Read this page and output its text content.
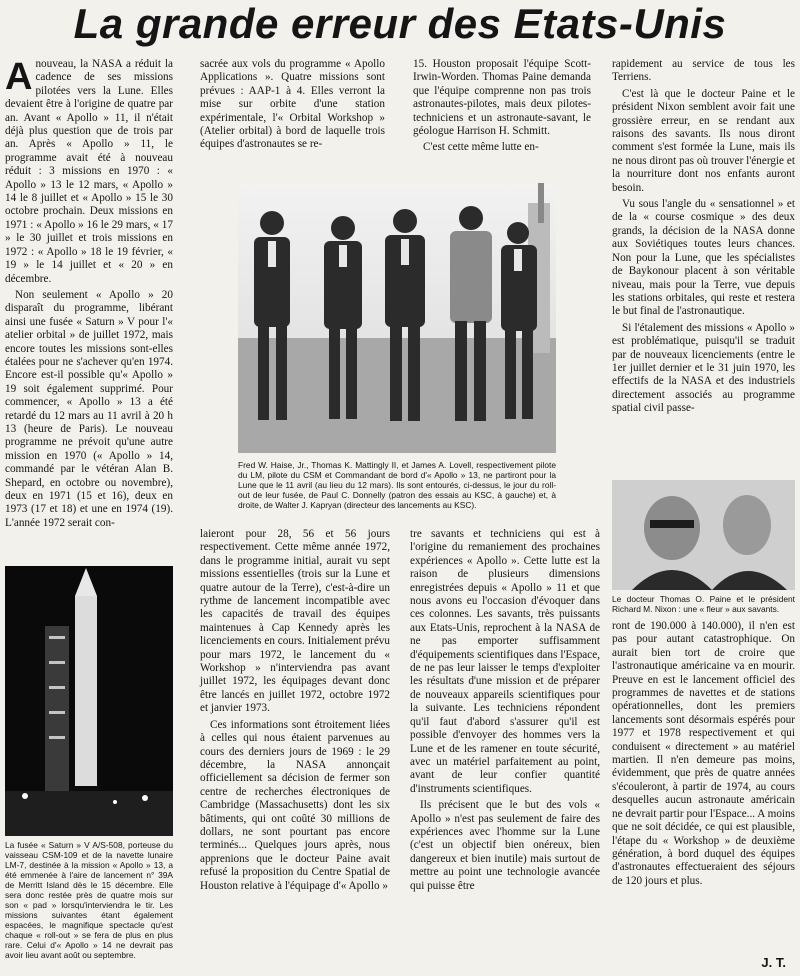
La grande erreur des Etats-Unis

Anouveau, la NASA a réduit la cadence de ses missions pilotées vers la Lune. Elles devaient être à l'origine de quatre par an. Avant « Apollo » 11, il n'était déjà plus question que de trois par an. Après « Apollo » 11, le programme avait été à nouveau réduit : 3 missions en 1970 : « Apollo » 13 le 12 mars, « Apollo » 14 le 8 juillet et « Apollo » 15 le 30 octobre prochain. Deux missions en 1971 : « Apollo » 16 le 29 mars, « 17 » le 30 juillet et trois missions en 1972 : « Apollo » 18 le 19 février, « 19 » le 14 juillet et « 20 » en décembre.

Non seulement « Apollo » 20 disparaît du programme, libérant ainsi une fusée « Saturn » V pour l'« atelier orbital » de juillet 1972, mais encore toutes les missions sont-elles étalées pour ne s'achever qu'en 1974. Encore est-il possible qu'« Apollo » 19 soit également supprimé. Pour commencer, « Apollo » 13 a été retardé du 12 mars au 11 avril à 20 h 13 (heure de Paris). Le nouveau programme ne prévoit qu'une autre mission en 1970 (« Apollo » 14, commandé par le vétéran Alan B. Shepard, en octobre ou novembre), deux en 1971 (15 et 16), deux en 1973 (17 et 18) et une en 1974 (19). L'année 1972 serait con-

sacrée aux vols du programme « Apollo Applications ». Quatre missions sont prévues : AAP-1 à 4. Elles verront la mise sur orbite d'une station expérimentale, l'« Orbital Workshop » (Atelier orbital) à bord de laquelle trois équipes d'astronautes se re-

15. Houston proposait l'équipe Scott-Irwin-Worden. Thomas Paine demanda que l'équipe comprenne non pas trois astronautes-pilotes, mais deux pilotes-techniciens et un astronaute-savant, le géologue Harrison H. Schmitt.

C'est cette même lutte en-

rapidement au service de tous les Terriens.

C'est là que le docteur Paine et le président Nixon semblent avoir fait une grossière erreur, en se rendant aux raisons des savants. Ils nous diront comment s'est formée la Lune, mais ils ne nous diront pas où trouver l'énergie et la nourriture dont nos enfants auront besoin.

Vu sous l'angle du « sensationnel » et de la « course cosmique » des deux grands, la décision de la NASA donne aux Soviétiques toutes leurs chances. Non pour la Lune, que les spécialistes de Baykonour placent à son véritable niveau, mais pour la Terre, vue depuis les stations orbitales, qui reste et restera le but final de l'astronautique.

Si l'étalement des missions « Apollo » est problématique, puisqu'il se traduit par de nouveaux licenciements (entre le 1er juillet dernier et le 31 juin 1970, les effectifs de la NASA et des industriels directement associés au programme spatial civil passe-

Fred W. Haise, Jr., Thomas K. Mattingly II, et James A. Lovell, respectivement pilote du LM, pilote du CSM et Commandant de bord d'« Apollo » 13, ne partiront pour la Lune que le 11 avril (au lieu du 12 mars). Ils sont entourés, ci-dessus, le jour du roll-out de leur fusée, de Paul C. Donnelly (patron des essais au KSC, à gauche) et, à droite, de Walter J. Kapryan (directeur des lancements au KSC).
La fusée « Saturn » V A/S-508, porteuse du vaisseau CSM-109 et de la navette lunaire LM-7, destinée à la mission « Apollo » 13, a été emmenée à l'aire de lancement n° 39A de Merritt Island dès le 15 décembre. Elle sera donc restée près de quatre mois sur son « pad » lorsqu'interviendra le tir. Les missions suivantes étant également espacées, le magnifique spectacle qu'est chaque « roll-out » se fera de plus en plus rare. Celui d'« Apollo » 14 ne devrait pas avoir lieu avant août ou septembre.

laieront pour 28, 56 et 56 jours respectivement. Cette même année 1972, dans le programme initial, aurait vu sept missions essentielles (trois sur la Lune et quatre autour de la Terre), c'est-à-dire un rythme de lancement incompatible avec les capacités de travail des équipes maintenues à Cap Kennedy après les licenciements en cours. Initialement prévu pour mars 1972, le lancement du « Workshop » n'interviendra pas avant juillet 1972, les équipages devant donc être lancés en juillet 1972, octobre 1972 et janvier 1973.

Ces informations sont étroitement liées à celles qui nous étaient parvenues au cours des derniers jours de 1969 : le 29 décembre, la NASA annonçait officiellement sa décision de fermer son centre de recherches électroniques de Cambridge (Massachusetts) dont les six bâtiments, qui ont coûté 30 millions de dollars, ne sont pourtant pas encore terminés... Quelques jours après, nous apprenions que le docteur Paine avait refusé la proposition du Centre Spatial de Houston relative à l'équipage d'« Apollo »

tre savants et techniciens qui est à l'origine du remaniement des prochaines expériences « Apollo ». Cette lutte est la raison de plusieurs dimensions enregistrées depuis « Apollo » 11 et que nous avons eu l'occasion d'évoquer dans ces colonnes. Les savants, très puissants aux Etats-Unis, reprochent à la NASA de ne pas emporter suffisamment d'équipements scientifiques dans l'Espace, de ne pas leur laisser le temps d'exploiter les résultats d'une mission et de préparer de nouveaux appareils scientifiques pour la suivante. Les techniciens répondent qu'il faut d'abord s'assurer qu'il est possible d'envoyer des hommes vers la Lune et de les ramener en toute sécurité, avec un matériel parfaitement au point, avant de leur confier quantité d'instruments scientifiques.

Ils précisent que le but des vols « Apollo » n'est pas seulement de faire des expériences avec l'homme sur la Lune (c'est un objectif bien onéreux, bien dangereux et bien inutile) mais surtout de mettre au point une technologie avancée qui puisse être

Le docteur Thomas O. Paine et le président Richard M. Nixon : une « fleur » aux savants.

ront de 190.000 à 140.000), il n'en est pas pour autant catastrophique. On aurait bien tort de croire que l'astronautique américaine va en mourir. Preuve en est le lancement officiel des programmes de navettes et de stations opérationnelles, dont les premiers lancements sont désormais espérés pour 1977 et 1978 respectivement et qui conduisent « directement » au matériel martien. Il n'en demeure pas moins, évidemment, que près de quatre années s'écouleront, à partir de 1974, au cours desquelles aucun astronaute américain ne devrait partir pour l'Espace... A moins que ne soit décidée, ce qui est plausible, l'étape du « Workshop » de deuxième génération, à bord duquel des équipes d'astronautes effectueraient des séjours de 120 jours et plus.

J. T.
